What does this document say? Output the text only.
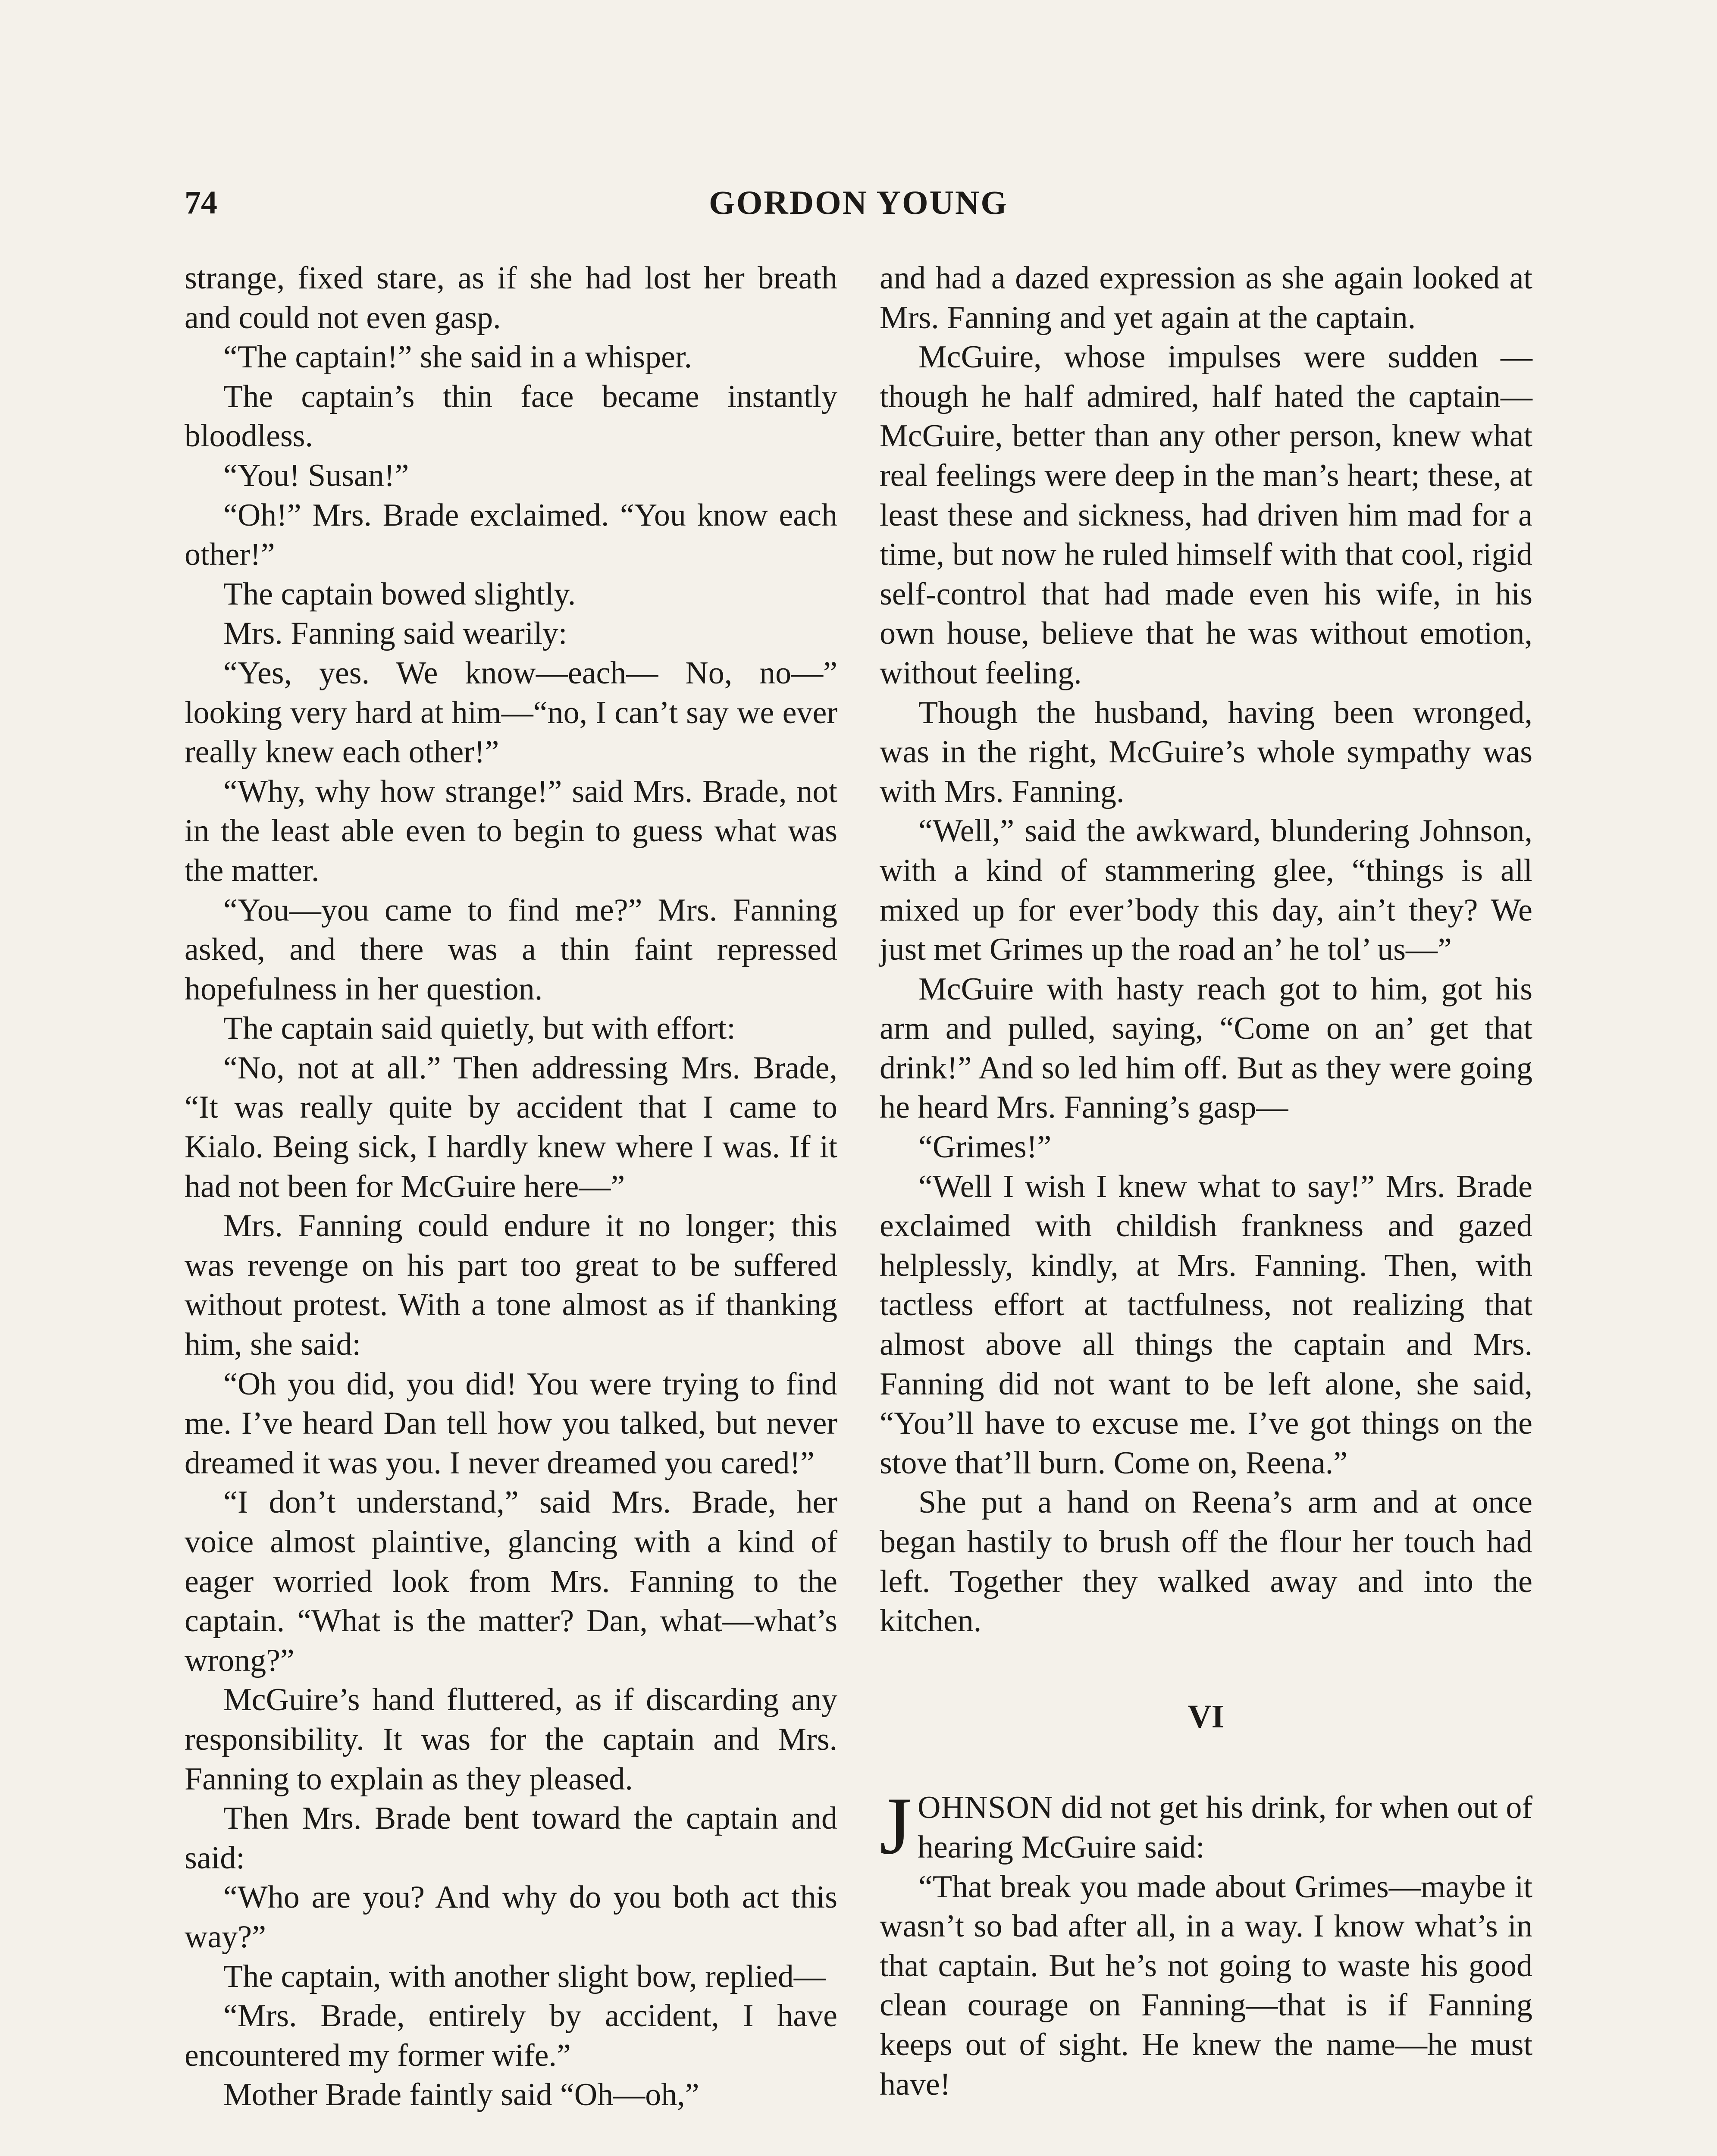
74	GORDON YOUNG

strange, fixed stare, as if she had lost her breath and could not even gasp.

“The captain!” she said in a whisper.

The captain’s thin face became instantly bloodless.

“You! Susan!”

“Oh!” Mrs. Brade exclaimed. “You know each other!”

The captain bowed slightly.

Mrs. Fanning said wearily:

“Yes, yes. We know—each— No, no—” looking very hard at him—“no, I can’t say we ever really knew each other!”

“Why, why how strange!” said Mrs. Brade, not in the least able even to begin to guess what was the matter.

“You—you came to find me?” Mrs. Fanning asked, and there was a thin faint repressed hopefulness in her question.

The captain said quietly, but with effort:

“No, not at all.” Then addressing Mrs. Brade, “It was really quite by accident that I came to Kialo. Being sick, I hardly knew where I was. If it had not been for McGuire here—”

Mrs. Fanning could endure it no longer; this was revenge on his part too great to be suffered without protest. With a tone almost as if thanking him, she said:

“Oh you did, you did! You were trying to find me. I’ve heard Dan tell how you talked, but never dreamed it was you. I never dreamed you cared!”

“I don’t understand,” said Mrs. Brade, her voice almost plaintive, glancing with a kind of eager worried look from Mrs. Fanning to the captain. “What is the matter? Dan, what—what’s wrong?”

McGuire’s hand fluttered, as if discarding any responsibility. It was for the captain and Mrs. Fanning to explain as they pleased.

Then Mrs. Brade bent toward the captain and said:

“Who are you? And why do you both act this way?”

The captain, with another slight bow, replied—

“Mrs. Brade, entirely by accident, I have encountered my former wife.”

Mother Brade faintly said “Oh—oh,”

and had a dazed expression as she again looked at Mrs. Fanning and yet again at the captain.

McGuire, whose impulses were sudden —though he half admired, half hated the captain—McGuire, better than any other person, knew what real feelings were deep in the man’s heart; these, at least these and sickness, had driven him mad for a time, but now he ruled himself with that cool, rigid self-control that had made even his wife, in his own house, believe that he was without emotion, without feeling.

Though the husband, having been wronged, was in the right, McGuire’s whole sympathy was with Mrs. Fanning.

“Well,” said the awkward, blundering Johnson, with a kind of stammering glee, “things is all mixed up for ever’body this day, ain’t they? We just met Grimes up the road an’ he tol’ us—”

McGuire with hasty reach got to him, got his arm and pulled, saying, “Come on an’ get that drink!” And so led him off. But as they were going he heard Mrs. Fanning’s gasp—

“Grimes!”

“Well I wish I knew what to say!” Mrs. Brade exclaimed with childish frankness and gazed helplessly, kindly, at Mrs. Fanning. Then, with tactless effort at tactfulness, not realizing that almost above all things the captain and Mrs. Fanning did not want to be left alone, she said, “You’ll have to excuse me. I’ve got things on the stove that’ll burn. Come on, Reena.”

She put a hand on Reena’s arm and at once began hastily to brush off the flour her touch had left. Together they walked away and into the kitchen.

VI

JOHNSON did not get his drink, for when out of hearing McGuire said:

“That break you made about Grimes—maybe it wasn’t so bad after all, in a way. I know what’s in that captain. But he’s not going to waste his good clean courage on Fanning—that is if Fanning keeps out of sight. He knew the name—he must have!
